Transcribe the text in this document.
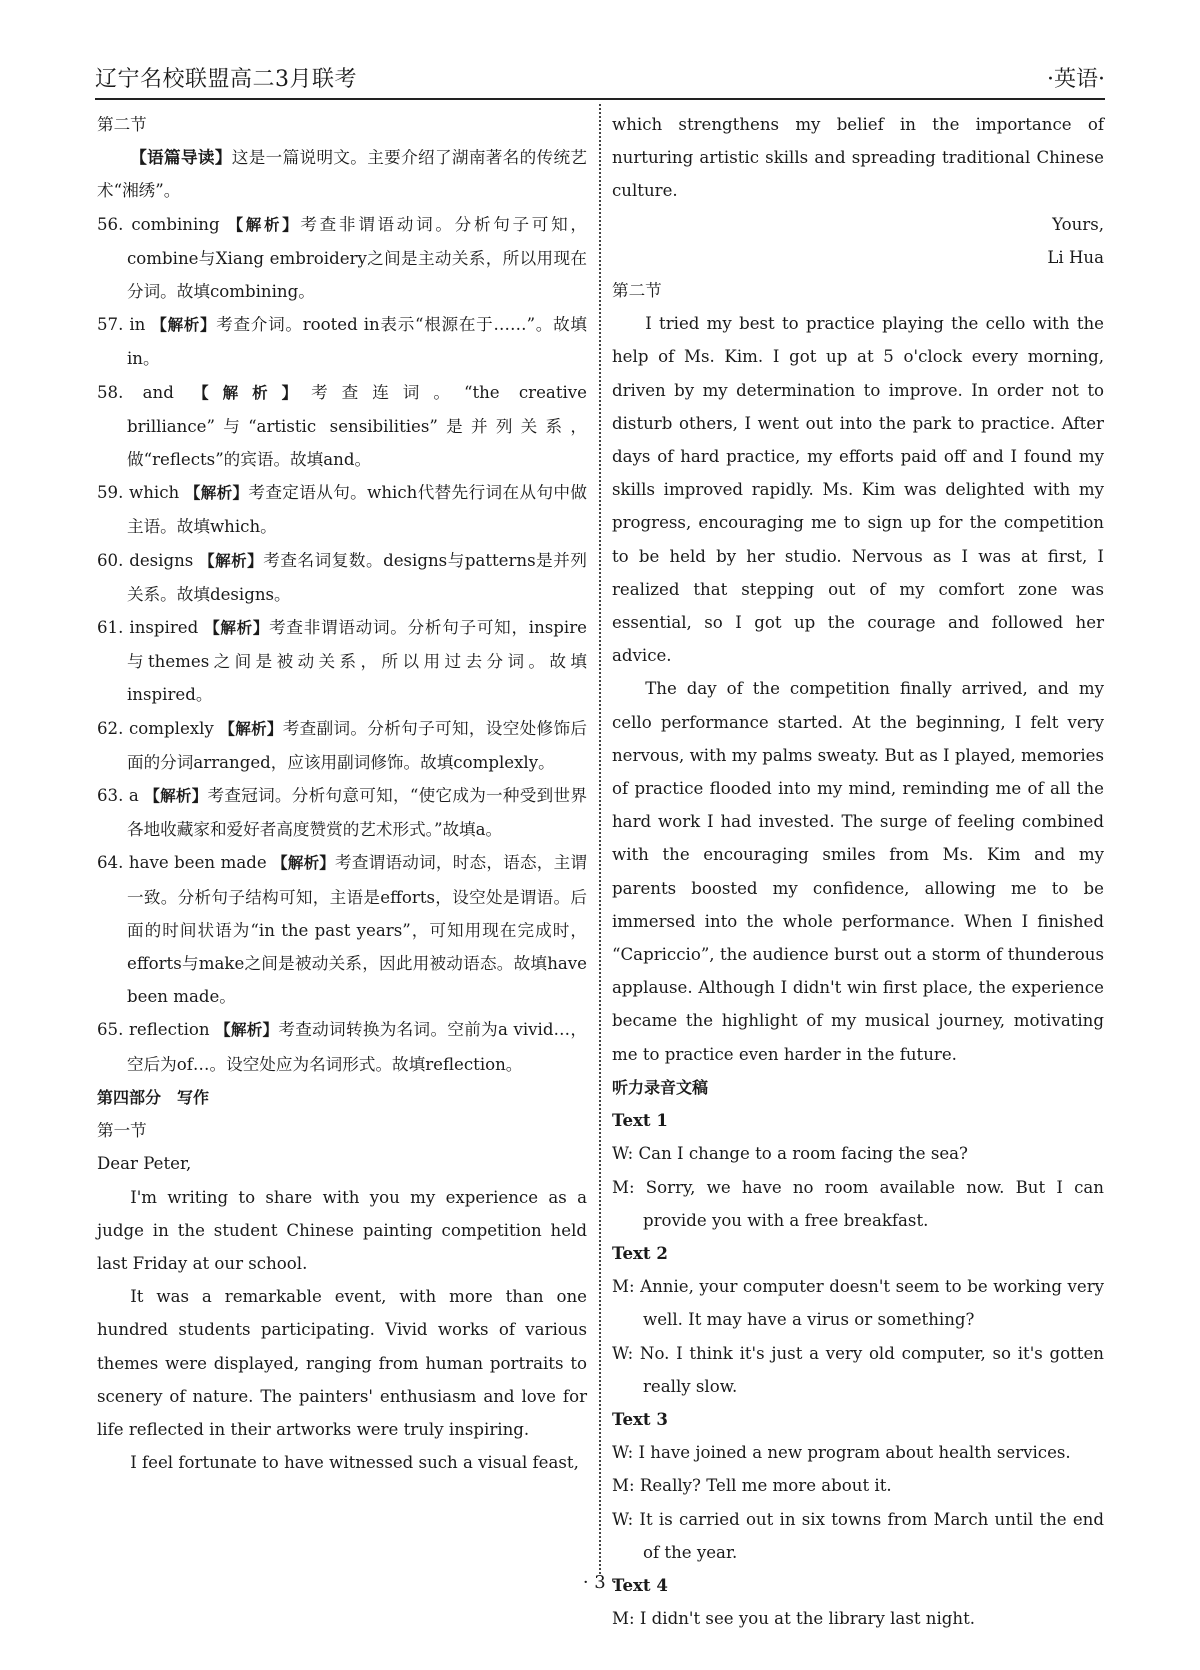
辽宁名校联盟高二3月联考	·英语·

第二节

【语篇导读】这是一篇说明文。主要介绍了湖南著名的传统艺术“湘绣”。

56. combining 【解析】考查非谓语动词。分析句子可知，combine与Xiang embroidery之间是主动关系，所以用现在分词。故填combining。

57. in 【解析】考查介词。rooted in表示“根源在于……”。故填in。

58. and 【解析】考查连词。“the creative brilliance”与“artistic sensibilities”是并列关系，做“reflects”的宾语。故填and。

59. which 【解析】考查定语从句。which代替先行词在从句中做主语。故填which。

60. designs 【解析】考查名词复数。designs与patterns是并列关系。故填designs。

61. inspired 【解析】考查非谓语动词。分析句子可知，inspire与themes之间是被动关系，所以用过去分词。故填inspired。

62. complexly 【解析】考查副词。分析句子可知，设空处修饰后面的分词arranged，应该用副词修饰。故填complexly。

63. a 【解析】考查冠词。分析句意可知，“使它成为一种受到世界各地收藏家和爱好者高度赞赏的艺术形式。”故填a。

64. have been made 【解析】考查谓语动词，时态，语态，主谓一致。分析句子结构可知，主语是efforts，设空处是谓语。后面的时间状语为“in the past years”，可知用现在完成时，efforts与make之间是被动关系，因此用被动语态。故填have been made。

65. reflection 【解析】考查动词转换为名词。空前为a vivid…，空后为of…。设空处应为名词形式。故填reflection。

第四部分　写作

第一节

Dear Peter,

I'm writing to share with you my experience as a judge in the student Chinese painting competition held last Friday at our school.

It was a remarkable event, with more than one hundred students participating. Vivid works of various themes were displayed, ranging from human portraits to scenery of nature. The painters' enthusiasm and love for life reflected in their artworks were truly inspiring.

I feel fortunate to have witnessed such a visual feast,

which strengthens my belief in the importance of nurturing artistic skills and spreading traditional Chinese culture.

Yours,

Li Hua

第二节

I tried my best to practice playing the cello with the help of Ms. Kim. I got up at 5 o'clock every morning, driven by my determination to improve. In order not to disturb others, I went out into the park to practice. After days of hard practice, my efforts paid off and I found my skills improved rapidly. Ms. Kim was delighted with my progress, encouraging me to sign up for the competition to be held by her studio. Nervous as I was at first, I realized that stepping out of my comfort zone was essential, so I got up the courage and followed her advice.

The day of the competition finally arrived, and my cello performance started. At the beginning, I felt very nervous, with my palms sweaty. But as I played, memories of practice flooded into my mind, reminding me of all the hard work I had invested. The surge of feeling combined with the encouraging smiles from Ms. Kim and my parents boosted my confidence, allowing me to be immersed into the whole performance. When I finished “Capriccio”, the audience burst out a storm of thunderous applause. Although I didn't win first place, the experience became the highlight of my musical journey, motivating me to practice even harder in the future.

听力录音文稿

Text 1

W: Can I change to a room facing the sea?

M: Sorry, we have no room available now. But I can provide you with a free breakfast.

Text 2

M: Annie, your computer doesn't seem to be working very well. It may have a virus or something?

W: No. I think it's just a very old computer, so it's gotten really slow.

Text 3

W: I have joined a new program about health services.

M: Really? Tell me more about it.

W: It is carried out in six towns from March until the end of the year.

Text 4

M: I didn't see you at the library last night.

· 3 ·
